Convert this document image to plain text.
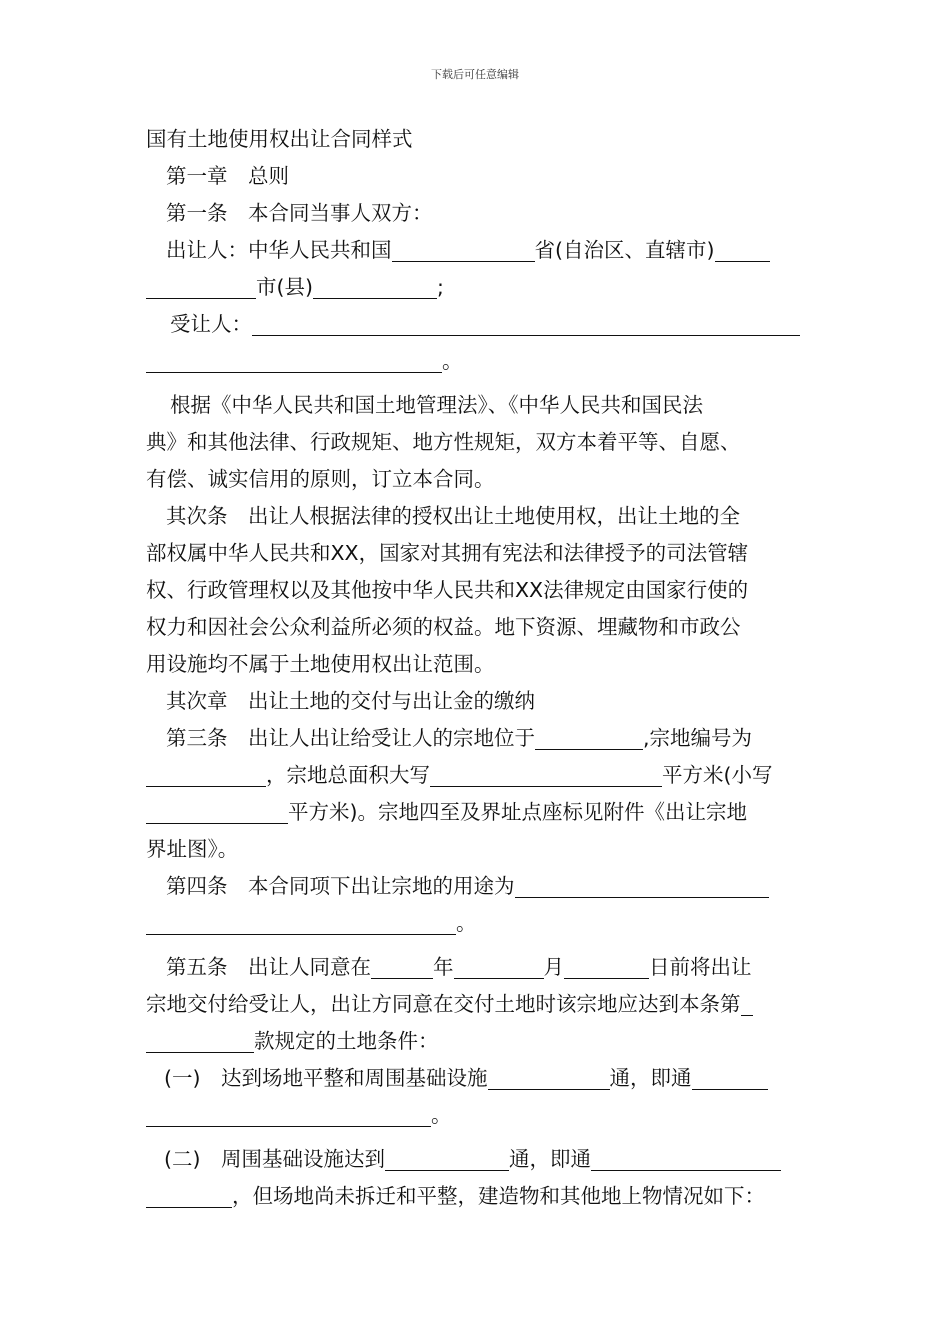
下载后可任意编辑
国有土地使用权出让合同样式
第一章　总则
第一条　本合同当事人双方：
出让人：中华人民共和国	省(自治区、直辖市)
市(县)	;
受让人：
。
根据《中华人民共和国土地管理法》、《中华人民共和国民法
典》和其他法律、行政规矩、地方性规矩，双方本着平等、自愿、
有偿、诚实信用的原则，订立本合同。
其次条　出让人根据法律的授权出让土地使用权，出让土地的全
部权属中华人民共和XX，国家对其拥有宪法和法律授予的司法管辖
权、行政管理权以及其他按中华人民共和XX法律规定由国家行使的
权力和因社会公众利益所必须的权益。地下资源、埋藏物和市政公
用设施均不属于土地使用权出让范围。
其次章　出让土地的交付与出让金的缴纳
第三条　出让人出让给受让人的宗地位于	,宗地编号为
，宗地总面积大写	平方米(小写
平方米)。宗地四至及界址点座标见附件《出让宗地
界址图》。
第四条　本合同项下出让宗地的用途为
。
第五条　出让人同意在	年	月	日前将出让
宗地交付给受让人，出让方同意在交付土地时该宗地应达到本条第
款规定的土地条件：
(一)　达到场地平整和周围基础设施	通，即通
。
(二)　周围基础设施达到	通，即通
，但场地尚未拆迁和平整，建造物和其他地上物情况如下：
